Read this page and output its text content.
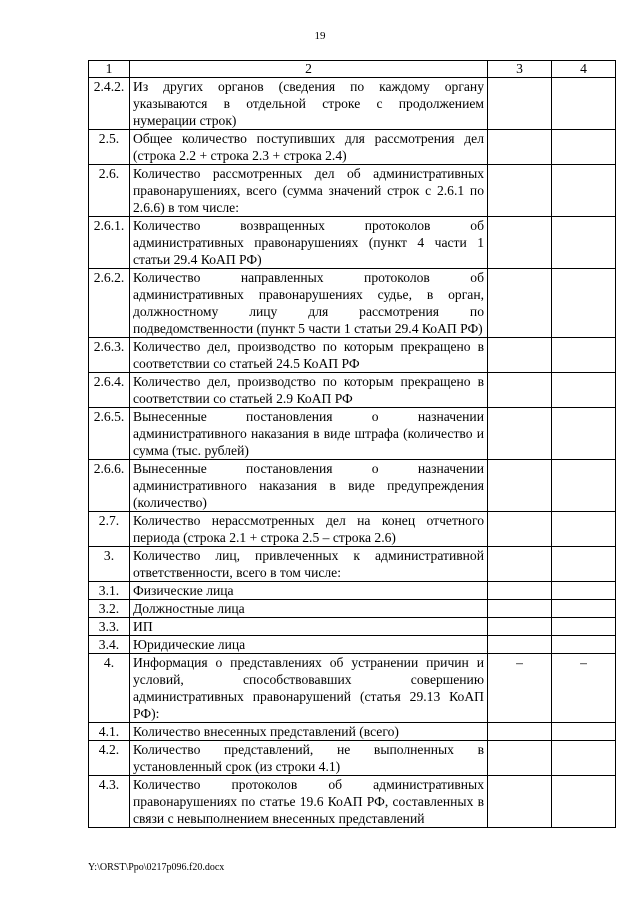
19
1	2	3	4
2.4.2.	Из других органов (сведения по каждому органу указываются в отдельной строке с продолжением нумерации строк)		
2.5.	Общее количество поступивших для рассмотрения дел (строка 2.2 + строка 2.3 + строка 2.4)		
2.6.	Количество рассмотренных дел об административных правонарушениях, всего (сумма значений строк с 2.6.1 по 2.6.6) в том числе:		
2.6.1.	Количество возвращенных протоколов об административных правонарушениях (пункт 4 части 1 статьи 29.4 КоАП РФ)		
2.6.2.	Количество направленных протоколов об административных правонарушениях судье, в орган, должностному лицу для рассмотрения по подведомственности (пункт 5 части 1 статьи 29.4 КоАП РФ)		
2.6.3.	Количество дел, производство по которым прекращено в соответствии со статьей 24.5 КоАП РФ		
2.6.4.	Количество дел, производство по которым прекращено в соответствии со статьей 2.9 КоАП РФ		
2.6.5.	Вынесенные постановления о назначении административного наказания в виде штрафа (количество и сумма (тыс. рублей)		
2.6.6.	Вынесенные постановления о назначении административного наказания в виде предупреждения (количество)		
2.7.	Количество нерассмотренных дел на конец отчетного периода (строка 2.1 + строка 2.5 – строка 2.6)		
3.	Количество лиц, привлеченных к административной ответственности, всего в том числе:		
3.1.	Физические лица		
3.2.	Должностные лица		
3.3.	ИП		
3.4.	Юридические лица		
4.	Информация о представлениях об устранении причин и условий, способствовавших совершению административных правонарушений (статья 29.13 КоАП РФ):	–	–
4.1.	Количество внесенных представлений (всего)		
4.2.	Количество представлений, не выполненных в установленный срок (из строки 4.1)		
4.3.	Количество протоколов об административных правонарушениях по статье 19.6 КоАП РФ, составленных в связи с невыполнением внесенных представлений		
Y:\ORST\Ppo\0217p096.f20.docx
